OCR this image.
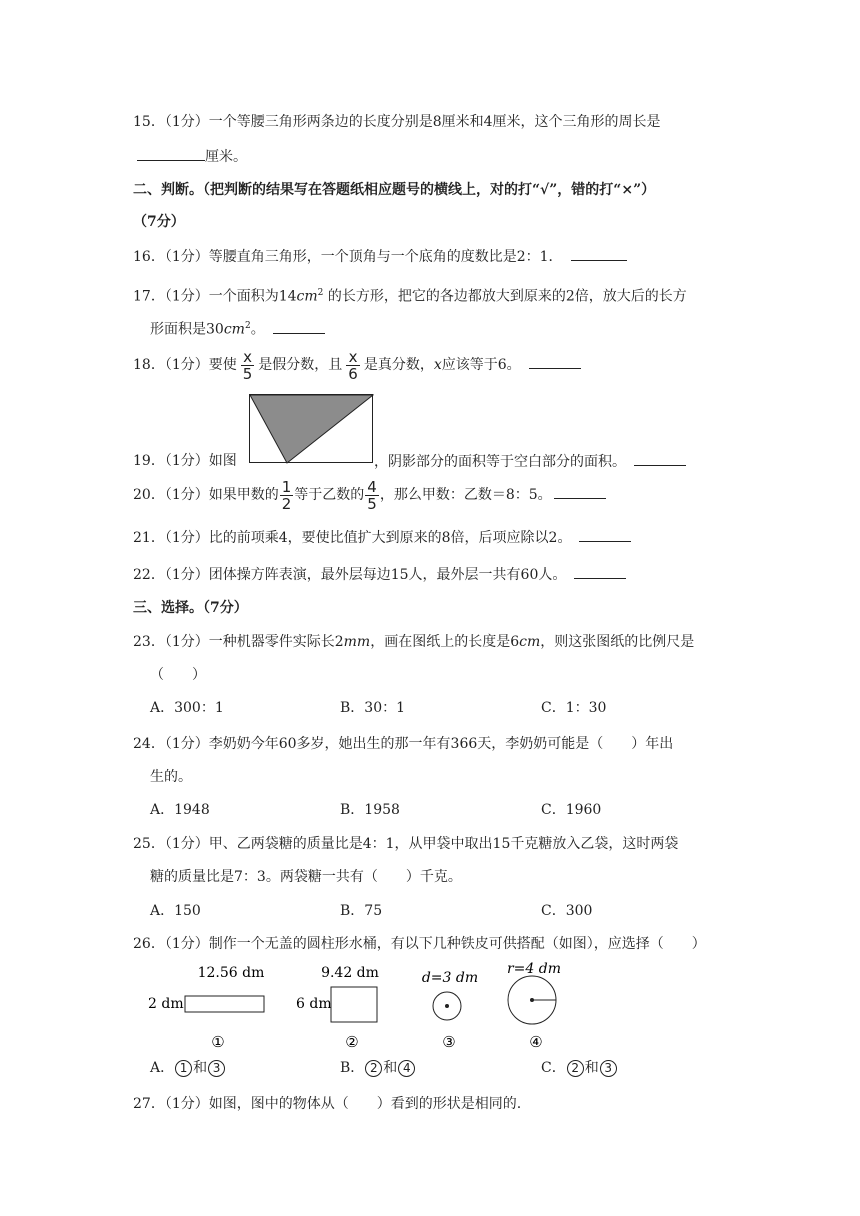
15．（1分）一个等腰三角形两条边的长度分别是8厘米和4厘米，这个三角形的周长是
厘米。
二、判断。（把判断的结果写在答题纸相应题号的横线上，对的打“√”，错的打“×”）
（7分）
16．（1分）等腰直角三角形，一个顶角与一个底角的度数比是2：1．
17．（1分）一个面积为$14cm^2$ 的长方形，把它的各边都放大到原来的2倍，放大后的长方
形面积是$30cm^2$。
18．（1分）要使 $\frac{x}{5}$ 是假分数，且 $\frac{x}{6}$ 是真分数，x应该等于6。
19．（1分）如图	，阴影部分的面积等于空白部分的面积。
20．（1分）如果甲数的 $\frac{1}{2}$ 等于乙数的 $\frac{4}{5}$ ，那么甲数：乙数＝8：5。
21．（1分）比的前项乘4，要使比值扩大到原来的8倍，后项应除以2。
22．（1分）团体操方阵表演，最外层每边15人，最外层一共有60人。
三、选择。（7分）
23．（1分）一种机器零件实际长2mm，画在图纸上的长度是6cm，则这张图纸的比例尺是
（　　）
A．300：1	B．30：1	C．1：30
24．（1分）李奶奶今年60多岁，她出生的那一年有366天，李奶奶可能是（　　）年出
生的。
A．1948	B．1958	C．1960
25．（1分）甲、乙两袋糖的质量比是4：1，从甲袋中取出15千克糖放入乙袋，这时两袋
糖的质量比是7：3。两袋糖一共有（　　）千克。
A．150	B．75	C．300
26．（1分）制作一个无盖的圆柱形水桶，有以下几种铁皮可供搭配（如图），应选择（　　）
12.56 dm
2 dm
①
9.42 dm
6 dm
②
d=3 dm
③
r=4 dm
④
A． 1 和 3	B． 2 和 4	C． 2 和 3
27．（1分）如图，图中的物体从（　　）看到的形状是相同的.
